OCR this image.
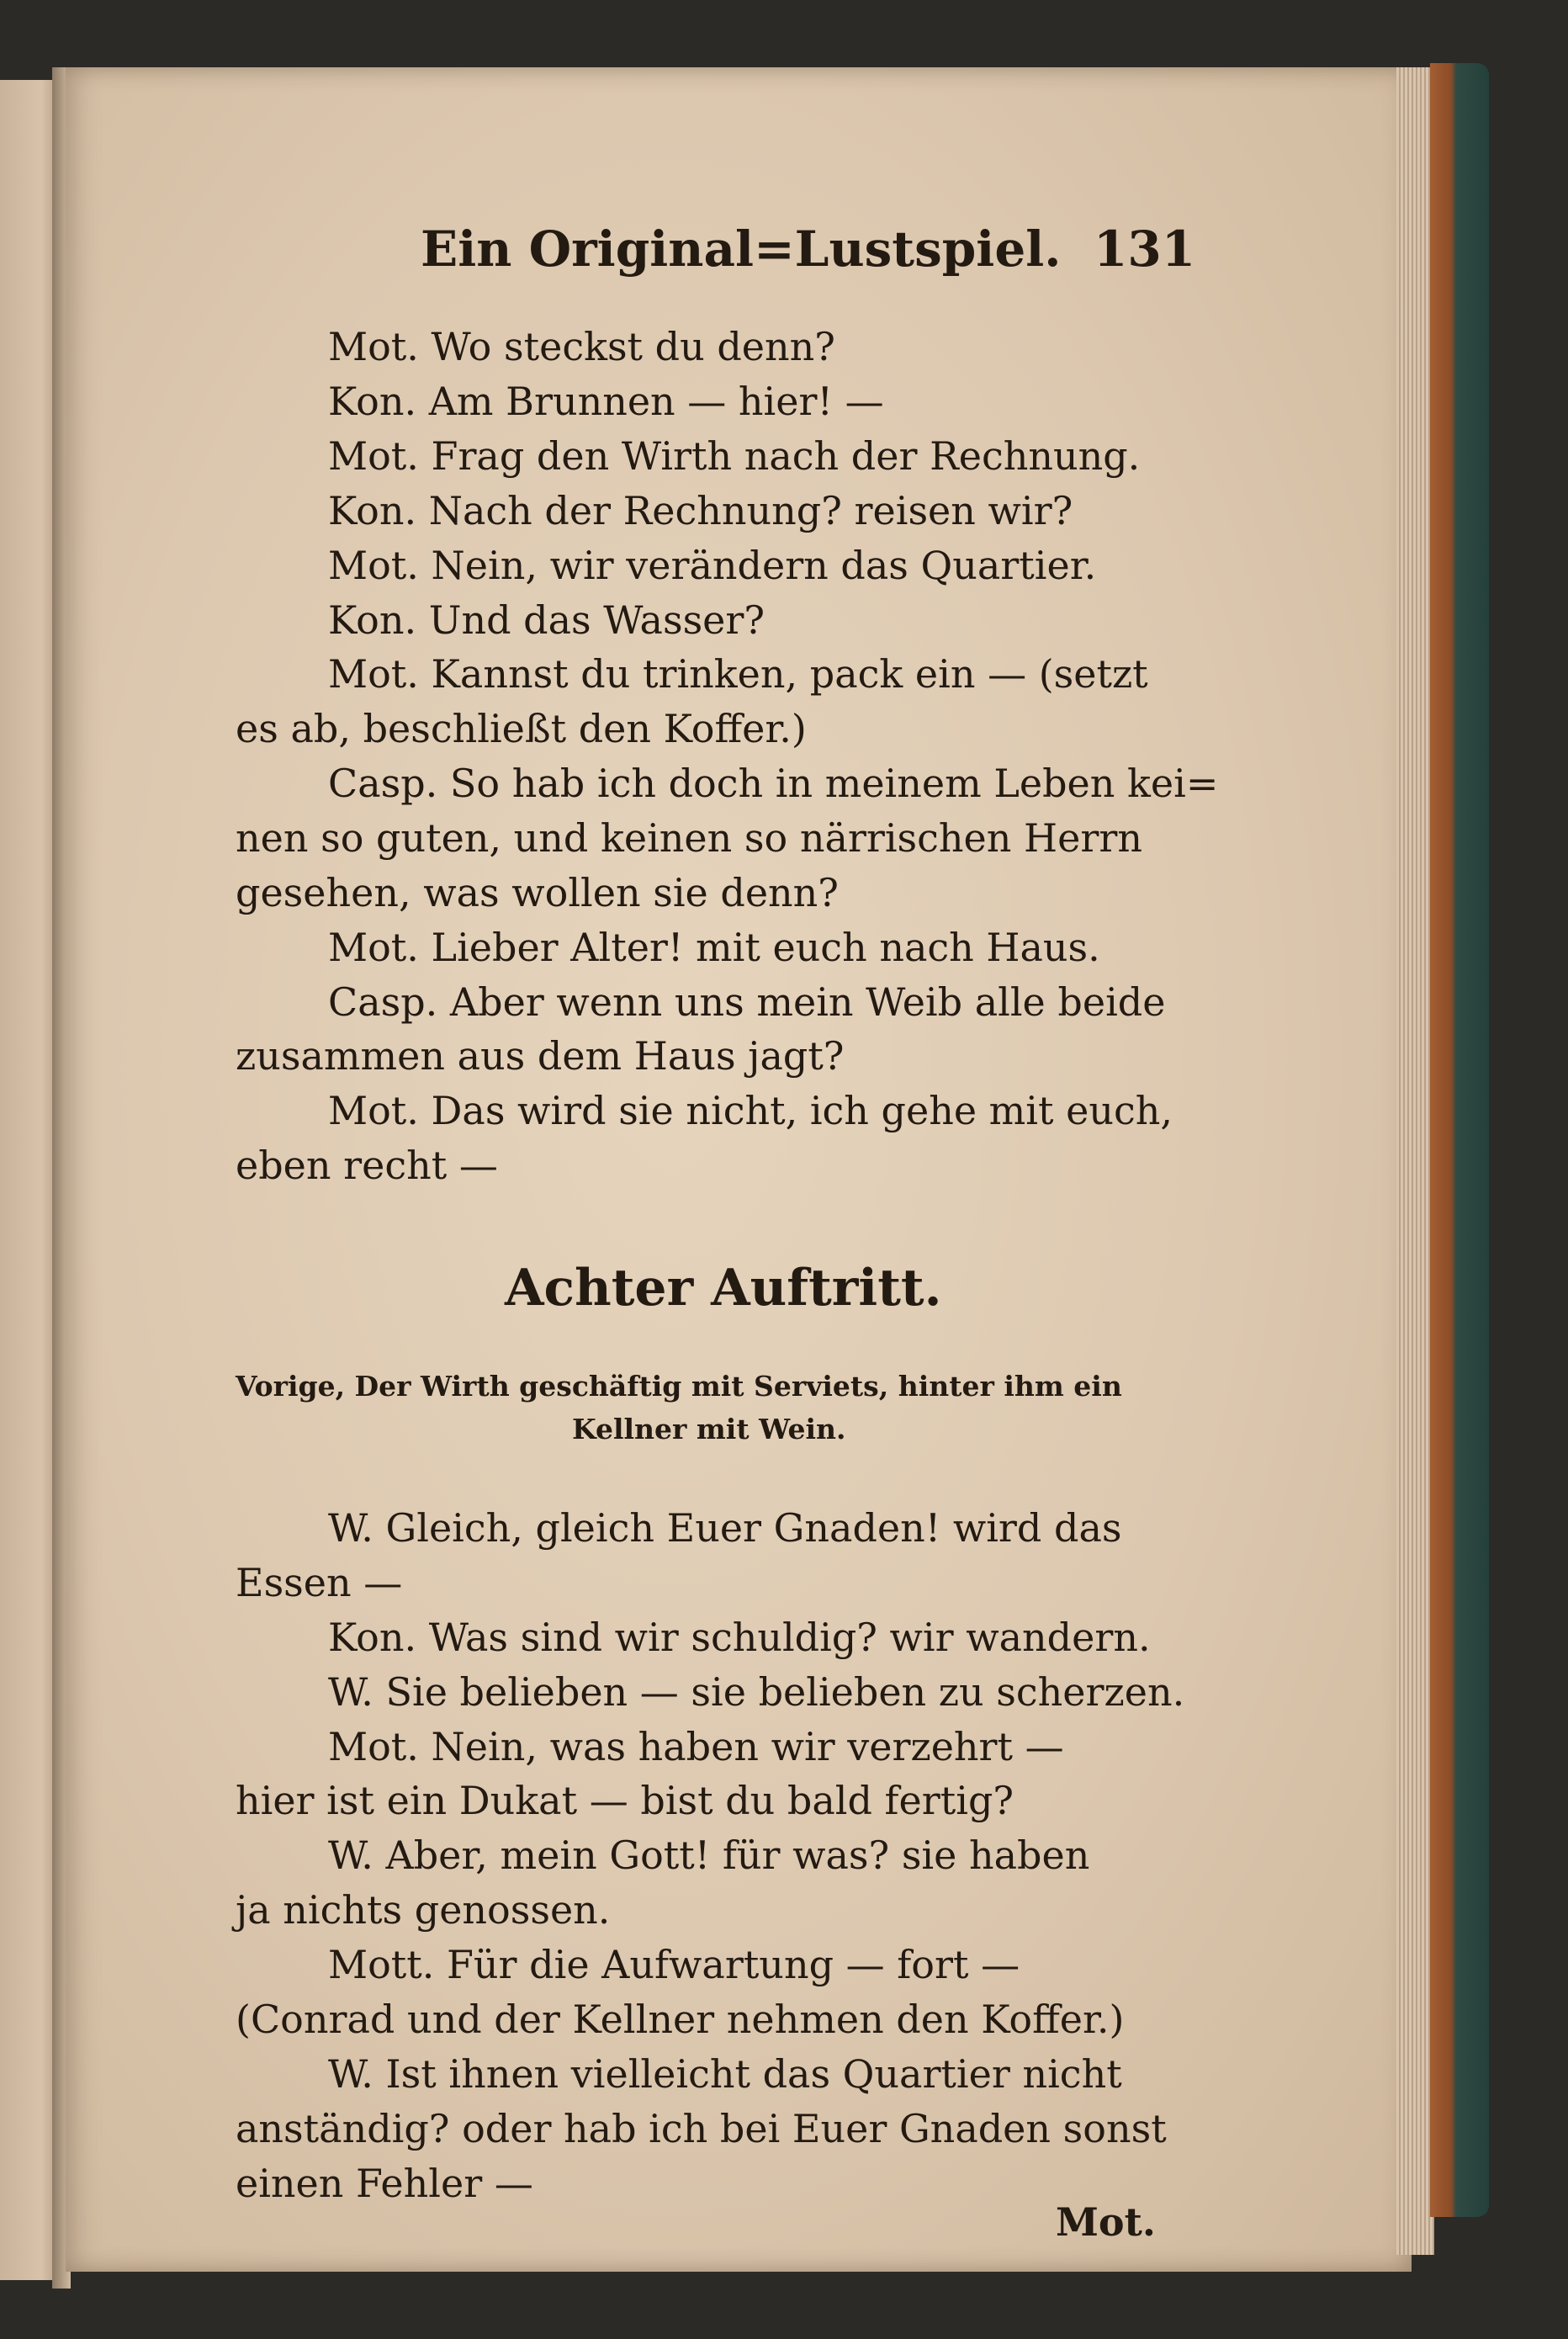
Ein Original=Lustspiel. 131
Mot. Wo steckst du denn?
Kon. Am Brunnen — hier! —
Mot. Frag den Wirth nach der Rechnung.
Kon. Nach der Rechnung? reisen wir?
Mot. Nein, wir verändern das Quartier.
Kon. Und das Wasser?
Mot. Kannst du trinken, pack ein — (setzt
es ab, beschließt den Koffer.)
Casp. So hab ich doch in meinem Leben kei=
nen so guten, und keinen so närrischen Herrn
gesehen, was wollen sie denn?
Mot. Lieber Alter! mit euch nach Haus.
Casp. Aber wenn uns mein Weib alle beide
zusammen aus dem Haus jagt?
Mot. Das wird sie nicht, ich gehe mit euch,
eben recht —
Achter Auftritt.
Vorige, Der Wirth geschäftig mit Serviets, hinter ihm ein
Kellner mit Wein.
W. Gleich, gleich Euer Gnaden! wird das
Essen —
Kon. Was sind wir schuldig? wir wandern.
W. Sie belieben — sie belieben zu scherzen.
Mot. Nein, was haben wir verzehrt —
hier ist ein Dukat — bist du bald fertig?
W. Aber, mein Gott! für was? sie haben
ja nichts genossen.
Mott. Für die Aufwartung — fort —
(Conrad und der Kellner nehmen den Koffer.)
W. Ist ihnen vielleicht das Quartier nicht
anständig? oder hab ich bei Euer Gnaden sonst
einen Fehler —
Mot.
